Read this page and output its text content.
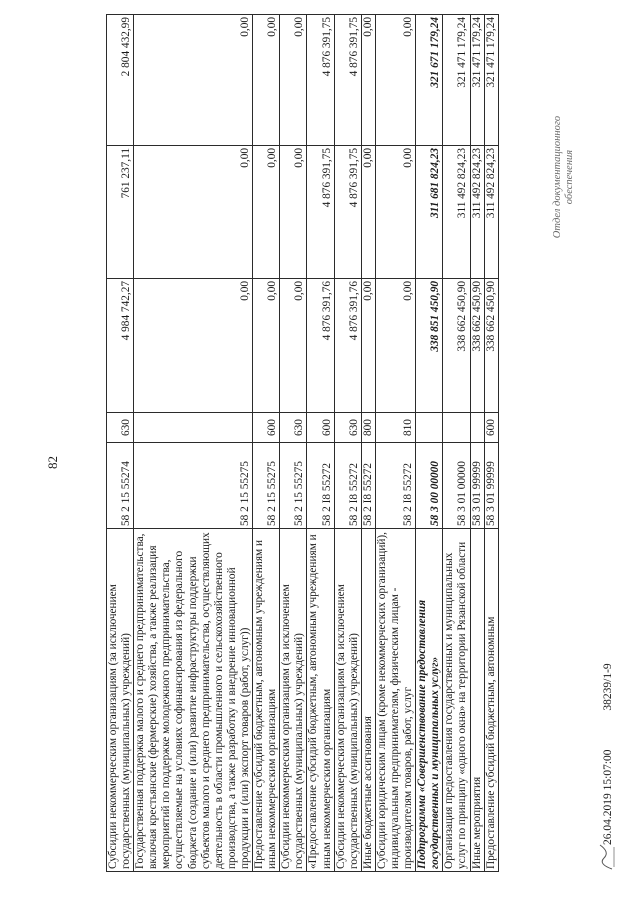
82
Субсидии некоммерческим организациям (за исключением государственных (муниципальных) учреждений)	58 2 15 55274	630	4 984 742,27	761 237,11	2 804 432,99
Государственная поддержка малого и среднего предпринимательства, включая крестьянские (фермерские) хозяйства, а также реализация мероприятий по поддержке молодежного предпринимательства, осуществляемые на условиях софинансирования из федерального бюджета (создание и (или) развитие инфраструктуры поддержки субъектов малого и среднего предпринимательства, осуществляющих деятельность в области промышленного и сельскохозяйственного производства, а также разработку и внедрение инновационной продукции и (или) экспорт товаров (работ, услуг))	58 2 15 55275		0,00	0,00	0,00
Предоставление субсидий бюджетным, автономным учреждениям и иным некоммерческим организациям	58 2 15 55275	600	0,00	0,00	0,00
Субсидии некоммерческим организациям (за исключением государственных (муниципальных) учреждений)	58 2 15 55275	630	0,00	0,00	0,00
«Предоставление субсидий бюджетным, автономным учреждениям и иным некоммерческим организациям	58 2 I8 55272	600	4 876 391,76	4 876 391,75	4 876 391,75
Субсидии некоммерческим организациям (за исключением государственных (муниципальных) учреждений)	58 2 I8 55272	630	4 876 391,76	4 876 391,75	4 876 391,75
Иные бюджетные ассигнования	58 2 I8 55272	800	0,00	0,00	0,00
Субсидии юридическим лицам (кроме некоммерческих организаций), индивидуальным предпринимателям, физическим лицам - производителям товаров, работ, услуг	58 2 I8 55272	810	0,00	0,00	0,00
Подпрограмма «Совершенствование предоставления государственных и муниципальных услуг»	58 3 00 00000		338 851 450,90	311 681 824,23	321 671 179,24
Организация предоставления государственных и муниципальных услуг по принципу «одного окна» на территории Рязанской области	58 3 01 00000		338 662 450,90	311 492 824,23	321 471 179,24
Иные мероприятия	58 3 01 99999		338 662 450,90	311 492 824,23	321 471 179,24
Предоставление субсидий бюджетным, автономным	58 3 01 99999	600	338 662 450,90	311 492 824,23	321 471 179,24
Отдел документационного обеспечения
26.04.2019 15:07:00 38239/1-9
